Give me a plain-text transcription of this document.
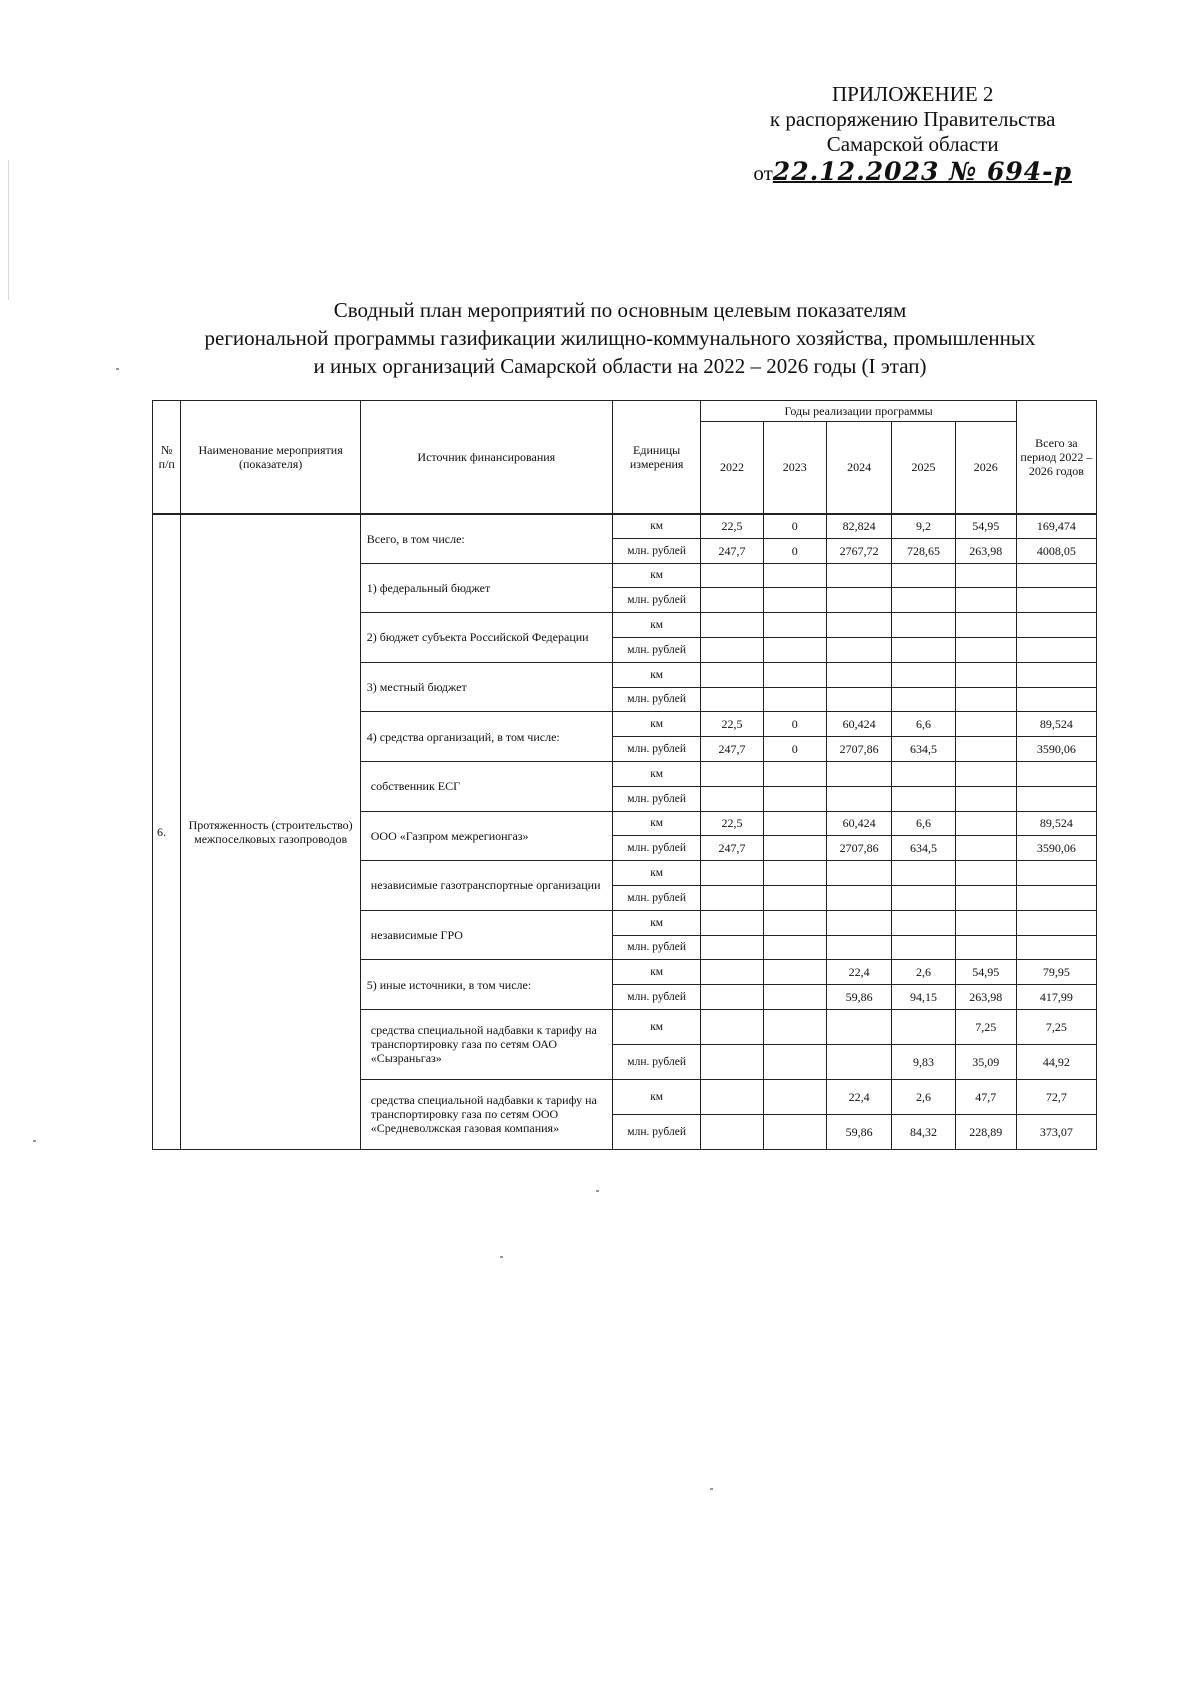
ПРИЛОЖЕНИЕ 2
к распоряжению Правительства
Самарской области
от22.12.2023 № 694-р
Сводный план мероприятий по основным целевым показателям
региональной программы газификации жилищно-коммунального хозяйства, промышленных
и иных организаций Самарской области на 2022 – 2026 годы (I этап)
№ п/п	Наименование мероприятия (показателя)	Источник финансирования	Единицы измерения	Годы реализации программы					Всего за период 2022 – 2026 годов
				2022	2023	2024	2025	2026	
6.	Протяженность (строительство) межпоселковых газопроводов	Всего, в том числе:	км	22,5	0	82,824	9,2	54,95	169,474
			млн. рублей	247,7	0	2767,72	728,65	263,98	4008,05
		1) федеральный бюджет	км						
			млн. рублей						
		2) бюджет субъекта Российской Федерации	км						
			млн. рублей						
		3) местный бюджет	км						
			млн. рублей						
		4) средства организаций, в том числе:	км	22,5	0	60,424	6,6		89,524
			млн. рублей	247,7	0	2707,86	634,5		3590,06
		собственник ЕСГ	км						
			млн. рублей						
		ООО «Газпром межрегионгаз»	км	22,5		60,424	6,6		89,524
			млн. рублей	247,7		2707,86	634,5		3590,06
		независимые газотранспортные организации	км						
			млн. рублей						
		независимые ГРО	км						
			млн. рублей						
		5) иные источники, в том числе:	км			22,4	2,6	54,95	79,95
			млн. рублей			59,86	94,15	263,98	417,99
		средства специальной надбавки к тарифу на транспортировку газа по сетям ОАО «Сызраньгаз»	км					7,25	7,25
			млн. рублей				9,83	35,09	44,92
		средства специальной надбавки к тарифу на транспортировку газа по сетям ООО «Средневолжская газовая компания»	км			22,4	2,6	47,7	72,7
			млн. рублей			59,86	84,32	228,89	373,07
